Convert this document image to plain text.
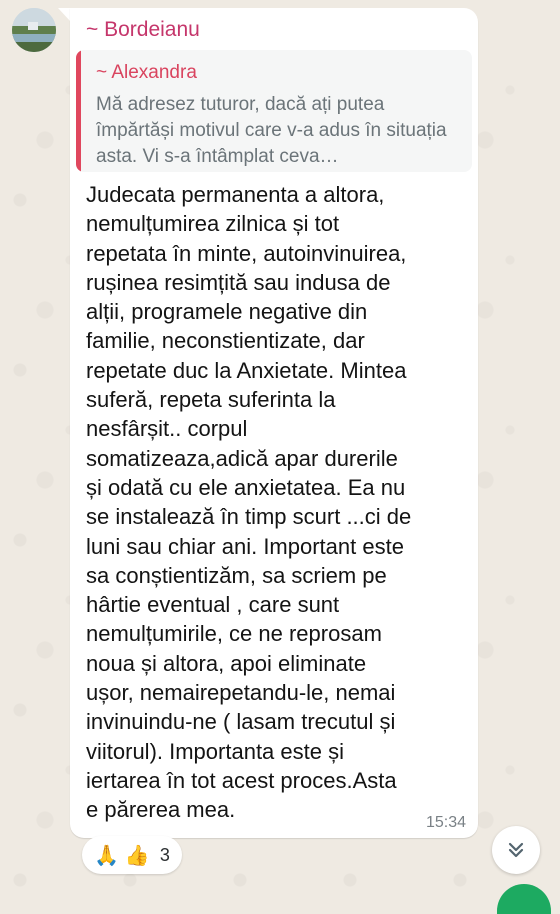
~ Bordeianu
~ Alexandra
Mă adresez tuturor, dacă ați putea împărtăși motivul care v-a adus în situația asta. Vi s-a întâmplat ceva…

Judecata permanenta a altora,
nemulțumirea zilnica și tot
repetata în minte, autoinvinuirea,
rușinea resimțită sau indusa de
alții, programele negative din
familie, neconstientizate, dar
repetate duc la Anxietate. Mintea
suferă, repeta suferinta la
nesfârșit.. corpul
somatizeaza,adică apar durerile
și odată cu ele anxietatea. Ea nu
se instalează în timp scurt ...ci de
luni sau chiar ani. Important este
sa conștientizăm, sa scriem pe
hârtie eventual , care sunt
nemulțumirile, ce ne reprosam
noua și altora, apoi eliminate
ușor, nemairepetandu-le, nemai
invinuindu-ne ( lasam trecutul și
viitorul). Importanta este și
iertarea în tot acest proces.Asta
e părerea mea.

15:34
🙏 👍 3
